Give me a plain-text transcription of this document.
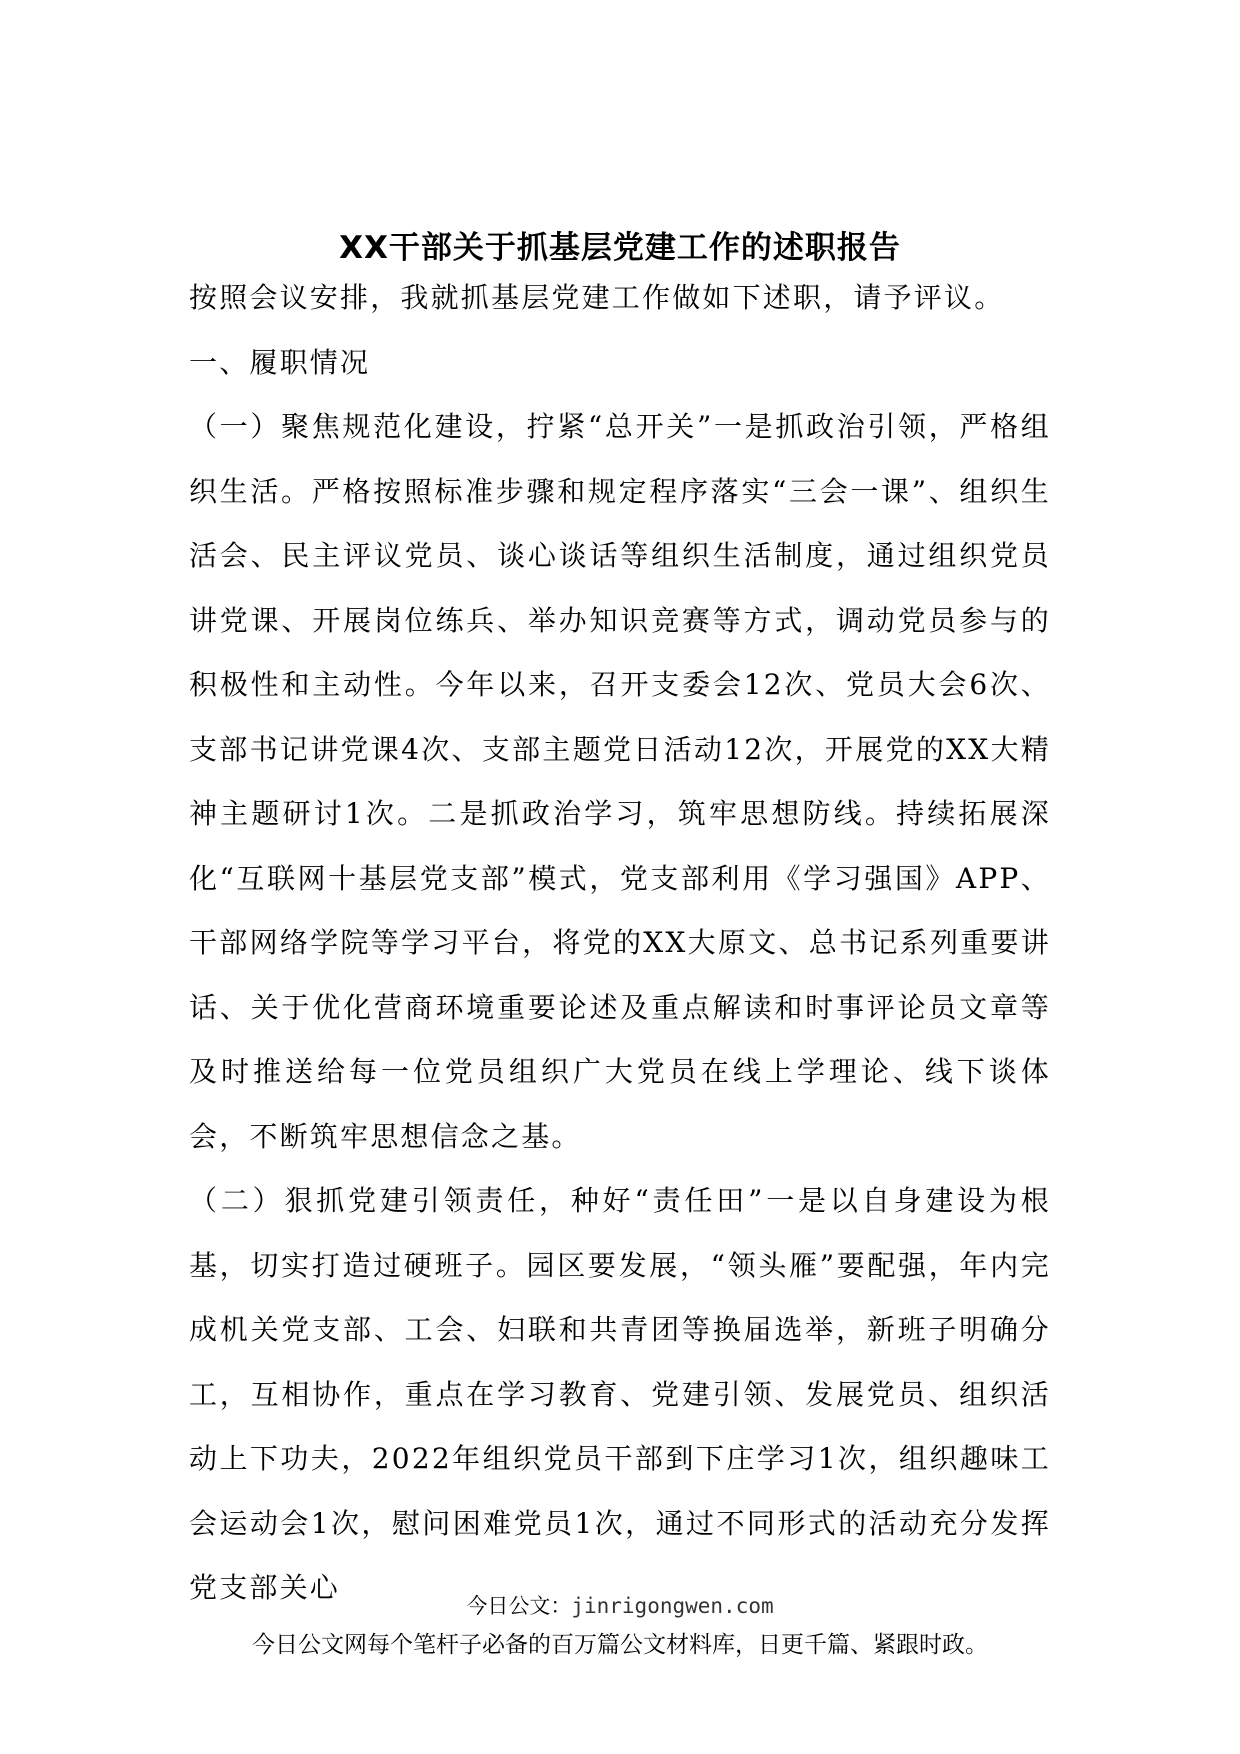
XX干部关于抓基层党建工作的述职报告

按照会议安排，我就抓基层党建工作做如下述职，请予评议。

一、履职情况

（一）聚焦规范化建设，拧紧“总开关”一是抓政治引领，严格组织生活。严格按照标准步骤和规定程序落实“三会一课”、组织生活会、民主评议党员、谈心谈话等组织生活制度，通过组织党员讲党课、开展岗位练兵、举办知识竞赛等方式，调动党员参与的积极性和主动性。今年以来，召开支委会12次、党员大会6次、支部书记讲党课4次、支部主题党日活动12次，开展党的XX大精神主题研讨1次。二是抓政治学习，筑牢思想防线。持续拓展深化“互联网十基层党支部”模式，党支部利用《学习强国》APP、干部网络学院等学习平台，将党的XX大原文、总书记系列重要讲话、关于优化营商环境重要论述及重点解读和时事评论员文章等及时推送给每一位党员组织广大党员在线上学理论、线下谈体会，不断筑牢思想信念之基。

（二）狠抓党建引领责任，种好“责任田”一是以自身建设为根基，切实打造过硬班子。园区要发展，“领头雁”要配强，年内完成机关党支部、工会、妇联和共青团等换届选举，新班子明确分工，互相协作，重点在学习教育、党建引领、发展党员、组织活动上下功夫，2022年组织党员干部到下庄学习1次，组织趣味工会运动会1次，慰问困难党员1次，通过不同形式的活动充分发挥党支部关心

今日公文：jinrigongwen.com
今日公文网每个笔杆子必备的百万篇公文材料库，日更千篇、紧跟时政。
